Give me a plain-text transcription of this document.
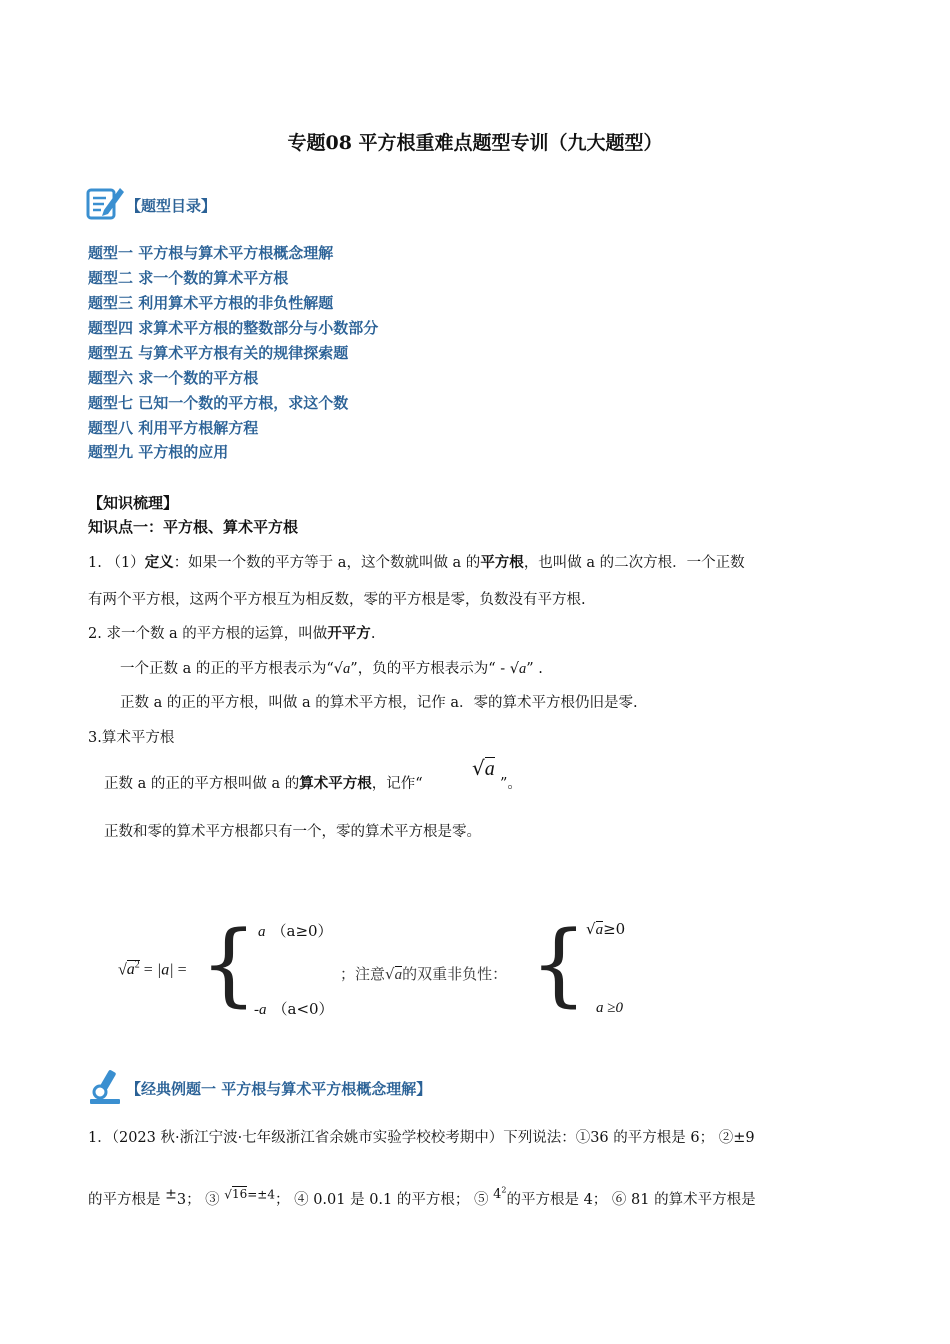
专题08 平方根重难点题型专训（九大题型）
【题型目录】
题型一 平方根与算术平方根概念理解
题型二 求一个数的算术平方根
题型三 利用算术平方根的非负性解题
题型四 求算术平方根的整数部分与小数部分
题型五 与算术平方根有关的规律探索题
题型六 求一个数的平方根
题型七 已知一个数的平方根，求这个数
题型八 利用平方根解方程
题型九 平方根的应用
【知识梳理】
知识点一：平方根、算术平方根
1. （1）定义：如果一个数的平方等于 a，这个数就叫做 a 的平方根，也叫做 a 的二次方根．一个正数
有两个平方根，这两个平方根互为相反数，零的平方根是零，负数没有平方根.
2. 求一个数 a 的平方根的运算，叫做开平方.
一个正数 a 的正的平方根表示为“√a”，负的平方根表示为“ - √a” .
正数 a 的正的平方根，叫做 a 的算术平方根，记作 a．零的算术平方根仍旧是零.
3.算术平方根
正数 a 的正的平方根叫做 a 的算术平方根，记作“
√a
”。
正数和零的算术平方根都只有一个，零的算术平方根是零。
$√a^2 = |a|$ = { a （a≥0）
-a （a<0）
；注意√a的双重非负性： {
√a≥0
a ≥0
【经典例题一 平方根与算术平方根概念理解】
1．（2023 秋·浙江宁波·七年级浙江省余姚市实验学校校考期中）下列说法：①36 的平方根是 6； ②±9
的平方根是 ±3； ③ $^{√16=\pm 4}$； ④ 0.01 是 0.1 的平方根； ⑤ $^{4^2}$的平方根是 4； ⑥ 81 的算术平方根是
